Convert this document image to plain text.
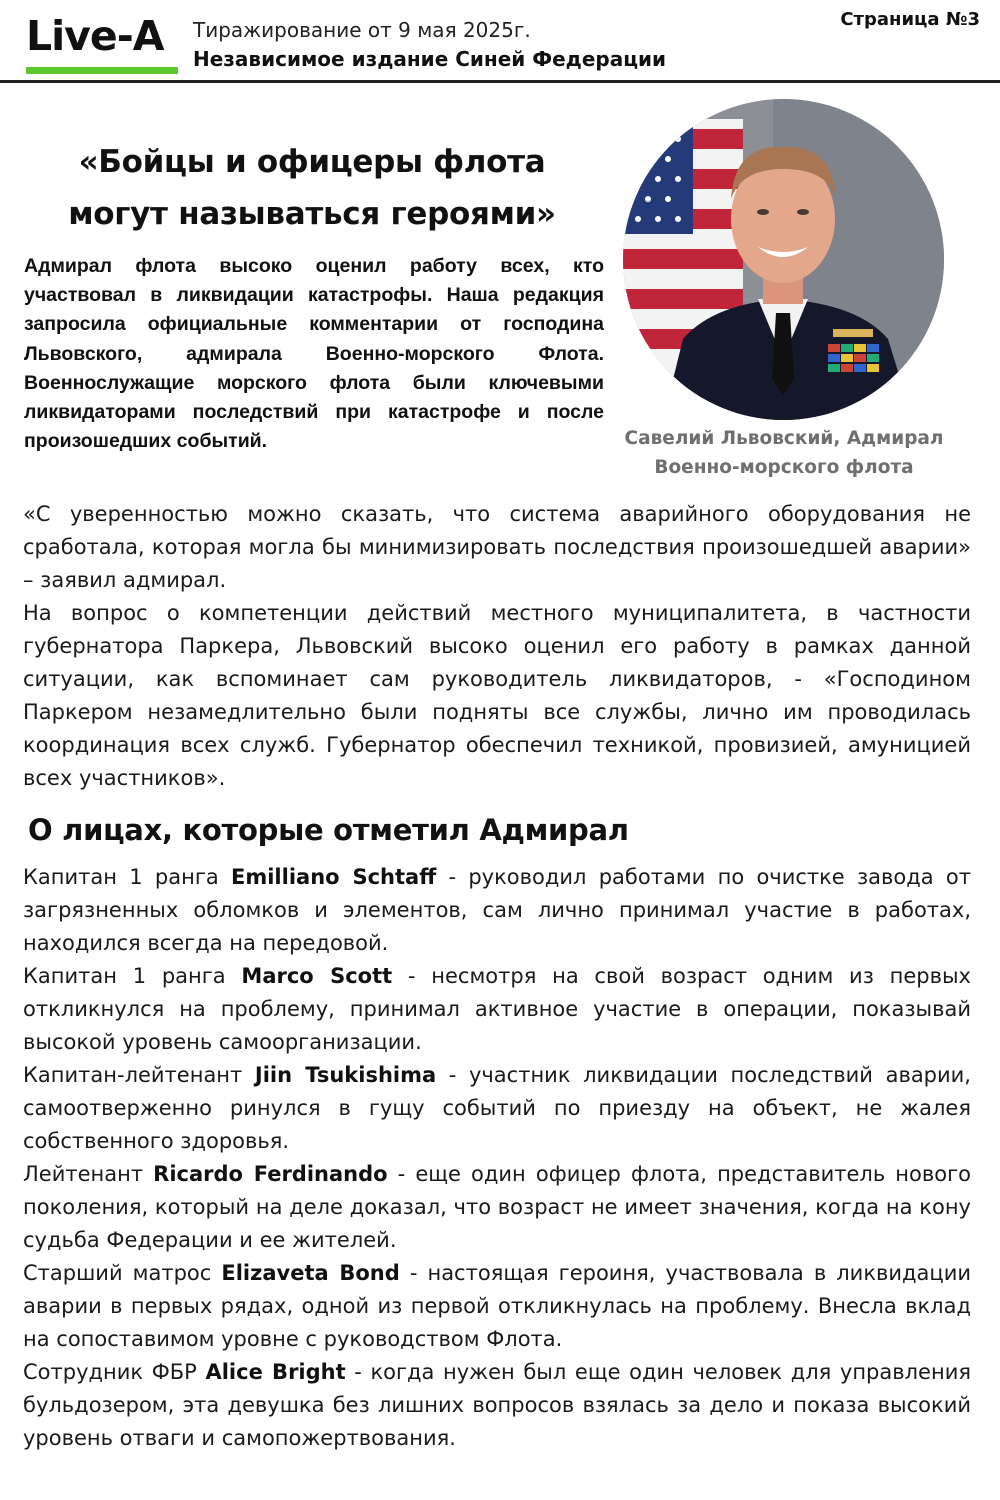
Live-A	Тиражирование от 9 мая 2025г.
Независимое издание Синей Федерации
Страница №3
«Бойцы и офицеры флота могут называться героями»

Адмирал флота высоко оценил работу всех, кто участвовал в ликвидации катастрофы. Наша редакция запросила официальные комментарии от господина Львовского, адмирала Военно-морского Флота. Военнослужащие морского флота были ключевыми ликвидаторами последствий при катастрофе и после произошедших событий.	Савелий Львовский, Адмирал
Военно-морского флота

«С уверенностью можно сказать, что система аварийного оборудования не сработала, которая могла бы минимизировать последствия произошедшей аварии» – заявил адмирал.

На вопрос о компетенции действий местного муниципалитета, в частности губернатора Паркера, Львовский высоко оценил его работу в рамках данной ситуации, как вспоминает сам руководитель ликвидаторов, - «Господином Паркером незамедлительно были подняты все службы, лично им проводилась координация всех служб. Губернатор обеспечил техникой, провизией, амуницией всех участников».

О лицах, которые отметил Адмирал

Капитан 1 ранга Emilliano Schtaff - руководил работами по очистке завода от загрязненных обломков и элементов, сам лично принимал участие в работах, находился всегда на передовой.

Капитан 1 ранга Marco Scott - несмотря на свой возраст одним из первых откликнулся на проблему, принимал активное участие в операции, показывай высокой уровень самоорганизации.

Капитан-лейтенант Jiin Tsukishima - участник ликвидации последствий аварии, самоотверженно ринулся в гущу событий по приезду на объект, не жалея собственного здоровья.

Лейтенант Ricardo Ferdinando - еще один офицер флота, представитель нового поколения, который на деле доказал, что возраст не имеет значения, когда на кону судьба Федерации и ее жителей.

Старший матрос Elizaveta Bond - настоящая героиня, участвовала в ликвидации аварии в первых рядах, одной из первой откликнулась на проблему. Внесла вклад на сопоставимом уровне с руководством Флота.

Сотрудник ФБР Alice Bright - когда нужен был еще один человек для управления бульдозером, эта девушка без лишних вопросов взялась за дело и показа высокий уровень отваги и самопожертвования.
